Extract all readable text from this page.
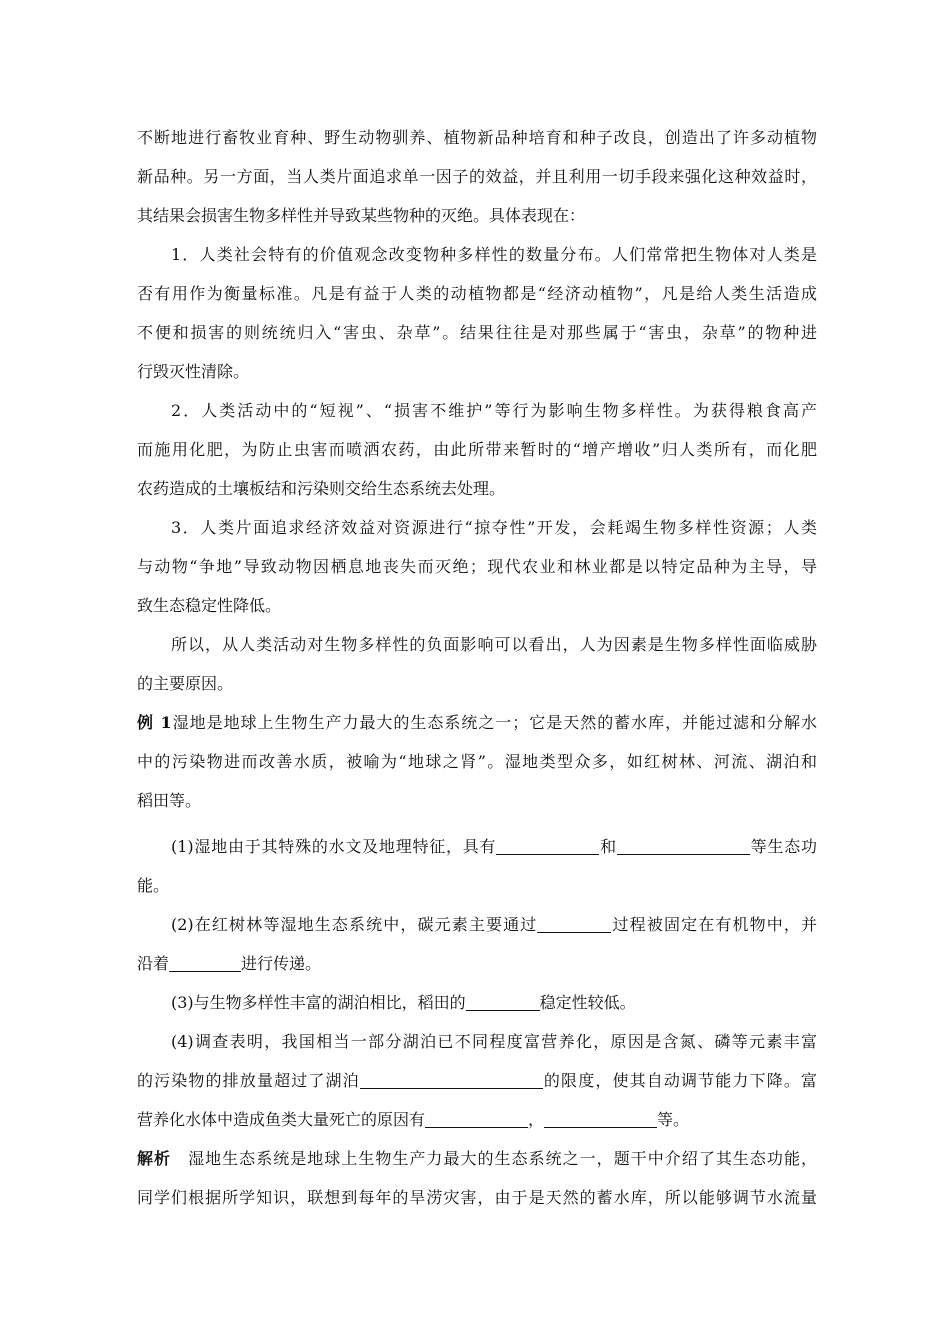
不断地进行畜牧业育种、野生动物驯养、植物新品种培育和种子改良，创造出了许多动植物
新品种。另一方面，当人类片面追求单一因子的效益，并且利用一切手段来强化这种效益时，
其结果会损害生物多样性并导致某些物种的灭绝。具体表现在：
1．人类社会特有的价值观念改变物种多样性的数量分布。人们常常把生物体对人类是
否有用作为衡量标准。凡是有益于人类的动植物都是“经济动植物”，凡是给人类生活造成
不便和损害的则统统归入“害虫、杂草”。结果往往是对那些属于“害虫，杂草”的物种进
行毁灭性清除。
2．人类活动中的“短视”、“损害不维护”等行为影响生物多样性。为获得粮食高产
而施用化肥，为防止虫害而喷洒农药，由此所带来暂时的“增产增收”归人类所有，而化肥
农药造成的土壤板结和污染则交给生态系统去处理。
3．人类片面追求经济效益对资源进行“掠夺性”开发，会耗竭生物多样性资源；人类
与动物“争地”导致动物因栖息地丧失而灭绝；现代农业和林业都是以特定品种为主导，导
致生态稳定性降低。
所以，从人类活动对生物多样性的负面影响可以看出，人为因素是生物多样性面临威胁
的主要原因。
例 1湿地是地球上生物生产力最大的生态系统之一；它是天然的蓄水库，并能过滤和分解水
中的污染物进而改善水质，被喻为“地球之肾”。湿地类型众多，如红树林、河流、湖泊和
稻田等。
(1)湿地由于其特殊的水文及地理特征，具有	和	等生态功
能。
(2)在红树林等湿地生态系统中，碳元素主要通过	过程被固定在有机物中，并
沿着	进行传递。
(3)与生物多样性丰富的湖泊相比，稻田的	稳定性较低。
(4)调查表明，我国相当一部分湖泊已不同程度富营养化，原因是含氮、磷等元素丰富
的污染物的排放量超过了湖泊	的限度，使其自动调节能力下降。富
营养化水体中造成鱼类大量死亡的原因有	，	等。
解析　 湿地生态系统是地球上生物生产力最大的生态系统之一，题干中介绍了其生态功能，
同学们根据所学知识，联想到每年的旱涝灾害，由于是天然的蓄水库，所以能够调节水流量
